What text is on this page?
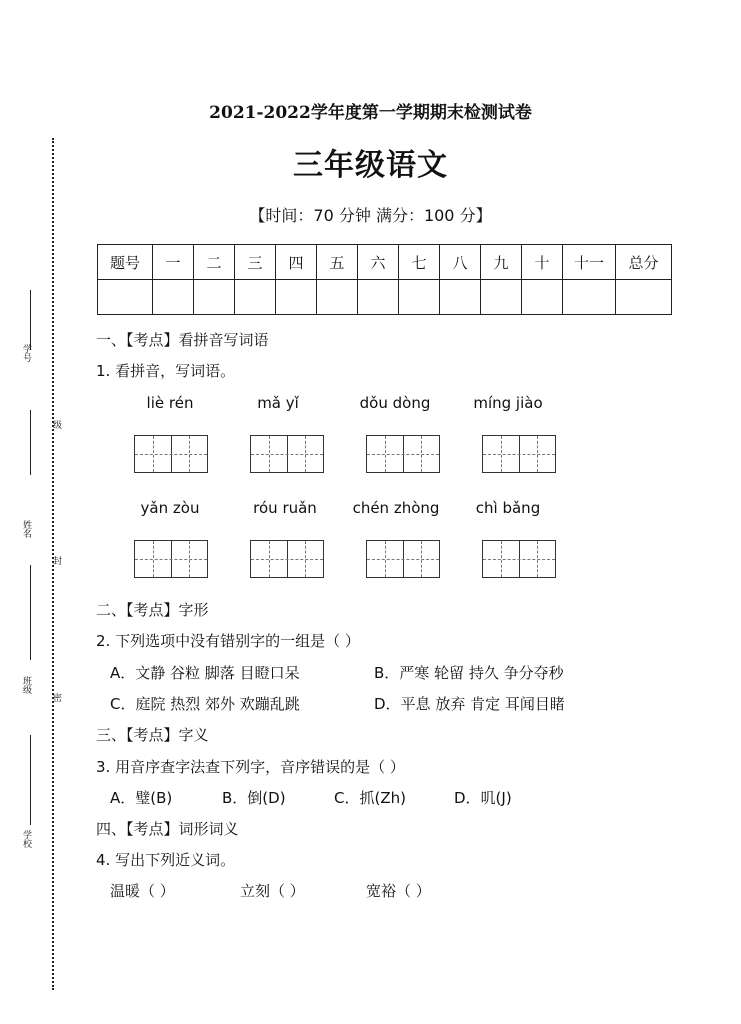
学号
级
姓名
封
班级
密
学校
2021-2022学年度第一学期期末检测试卷
三年级语文
【时间：70 分钟 满分：100 分】
题号	一	二	三	四	五	六	七	八	九	十	十一	总分

一、【考点】看拼音写词语
1. 看拼音，写词语。
liè rén	mǎ yǐ	dǒu dòng	míng jiào
yǎn zòu	róu ruǎn	chén zhòng	chì bǎng
二、【考点】字形
2. 下列选项中没有错别字的一组是（ ）
A．文静 谷粒 脚落 目瞪口呆	B．严寒 轮留 持久 争分夺秒
C．庭院 热烈 郊外 欢蹦乱跳	D．平息 放弃 肯定 耳闻目睹
三、【考点】字义
3. 用音序查字法查下列字，音序错误的是（ ）
A．璧(B)	B．倒(D)	C．抓(Zh)	D．叽(J)
四、【考点】词形词义
4. 写出下列近义词。
温暖（ ）	立刻（ ）	宽裕（ ）
